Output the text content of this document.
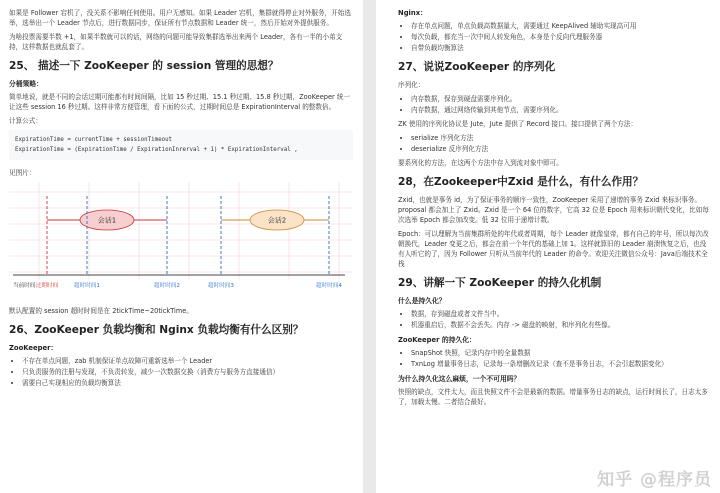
如果是 Follower 宕机了，没关系不影响任何使用。用户无感知。如果 Leader 宕机，集群就得停止对外服务，开始选举，选举出一个 Leader 节点后，进行数据同步，保证所有节点数据和 Leader 统一，然后开始对外提供服务。

为啥投票需要半数 +1，如果半数就可以的话，网络的问题可能导致集群选举出来两个 Leader，各有一半的小弟支持，这样数据也就乱套了。

25、 描述一下 ZooKeeper 的 session 管理的思想？
分桶策略：

简单地说，就是不同的会话过期可能都有时间间隔，比如 15 秒过期、15.1 秒过期、15.8 秒过期，ZooKeeper 统一让这些 session 16 秒过期。这样非常方便管理，看下面的公式，过期时间总是 ExpirationInterval 的整数倍。

计算公式：

ExpirationTime = currentTime + sessionTimeout
ExpirationTime = (ExpirationTime / ExpirationInrerval + 1) * ExpirationInterval ,

见图片：

会话1	会话2
当前时间 过期时间	超时时间1	超时时间2	超时时间3	超时时间4

默认配置的 session 超时时间是在 2tickTime~20tickTime。

26、ZooKeeper 负载均衡和 Nginx 负载均衡有什么区别？
ZooKeeper：
• 不存在单点问题，zab 机制保证单点故障可重新选举一个 Leader
• 只负责服务的注册与发现，不负责转发，减少一次数据交换（消费方与服务方直接通信）
• 需要自己实现相应的负载均衡算法
Nginx：
• 存在单点问题，单点负载高数据量大，需要通过 KeepAlived 辅助实现高可用
• 每次负载，都充当一次中间人转发角色，本身是个反向代理服务器
• 自带负载均衡算法
27、说说ZooKeeper 的序列化

序列化：

• 内存数据，保存到硬盘需要序列化。
• 内存数据，通过网络传输到其他节点，需要序列化。

ZK 使用的序列化协议是 Jute，Jute 提供了 Record 接口。接口提供了两个方法：

• serialize 序列化方法
• deserialize 反序列化方法

要系列化的方法，在这两个方法中存入到流对象中即可。

28，在Zookeeper中Zxid 是什么，有什么作用？

Zxid，也就是事务 id，为了保证事务的顺序一致性，ZooKeeper 采用了递增的事务 Zxid 来标识事务。proposal 都会加上了 Zxid。Zxid 是一个 64 位的数字，它高 32 位是 Epoch 用来标识朝代变化，比如每次选举 Epoch 都会加改变。低 32 位用于递增计数。

Epoch：可以理解为当前集群所处的年代或者周期，每个 Leader 就像皇帝，都有自己的年号，所以每次改朝换代，Leader 变更之后，都会在前一个年代的基础上加 1。这样就算旧的 Leader 崩溃恢复之后，也没有人听它的了，因为 Follower 只听从当前年代的 Leader 的命令。欢迎关注微信公众号：Java后端技术全栈

29、讲解一下 ZooKeeper 的持久化机制
什么是持久化？
• 数据，存到磁盘或者文件当中。
• 机器重启后，数据不会丢失。内存 -> 磁盘的映射，和序列化有些像。
ZooKeeper 的持久化：
• SnapShot 快照，记录内存中的全量数据
• TxnLog 增量事务日志，记录每一条增删改记录（查不是事务日志，不会引起数据变化）
为什么持久化这么麻烦，一个不可用吗？

快照的缺点，文件太大，而且快照文件不会是最新的数据。增量事务日志的缺点，运行时间长了，日志太多了，加载太慢。二者结合最好。

知乎 @程序员
